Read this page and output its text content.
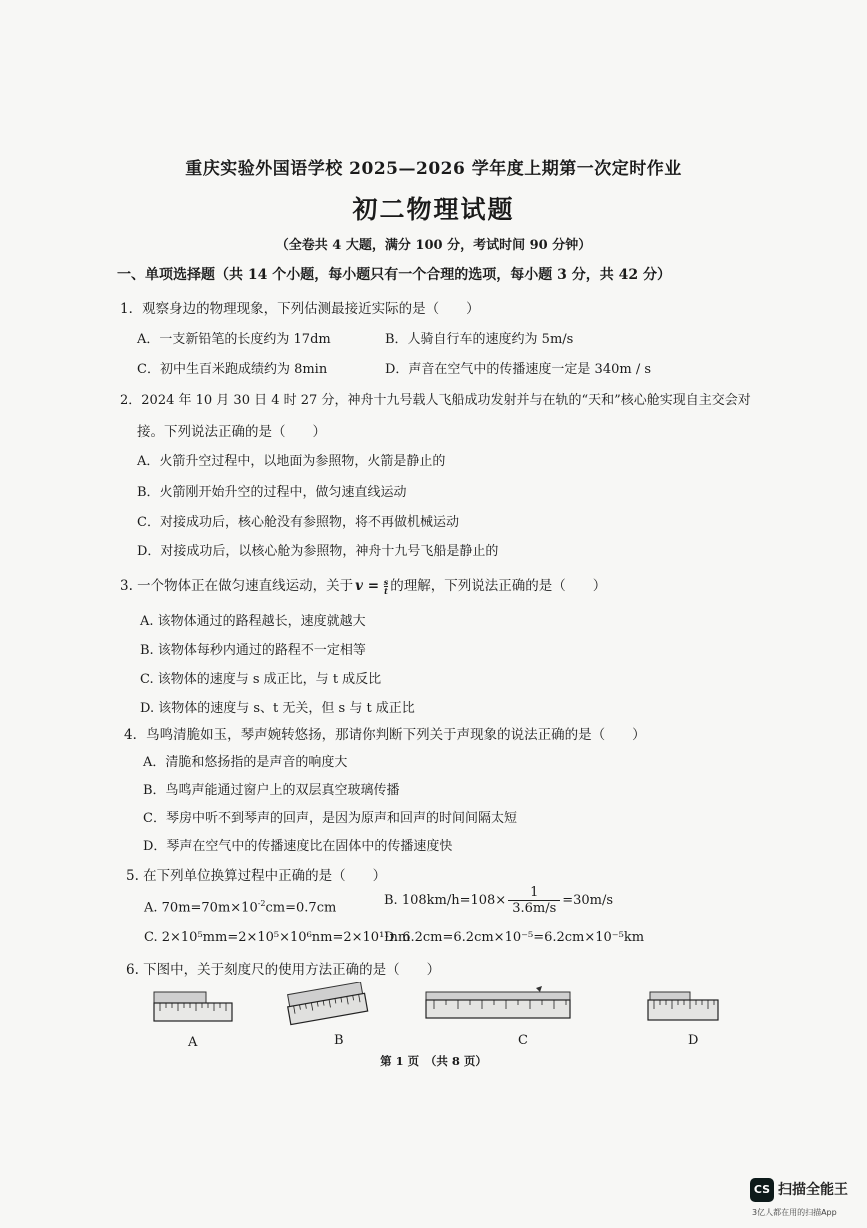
重庆实验外国语学校 2025—2026 学年度上期第一次定时作业
初二物理试题
（全卷共 4 大题，满分 100 分，考试时间 90 分钟）
一、单项选择题（共 14 个小题，每小题只有一个合理的选项，每小题 3 分，共 42 分）
1．观察身边的物理现象，下列估测最接近实际的是（　　）
A．一支新铅笔的长度约为 17dm	B．人骑自行车的速度约为 5m/s
C．初中生百米跑成绩约为 8min	D．声音在空气中的传播速度一定是 340m / s
2．2024 年 10 月 30 日 4 时 27 分，神舟十九号载人飞船成功发射并与在轨的“天和”核心舱实现自主交会对
接。下列说法正确的是（　　）
A．火箭升空过程中，以地面为参照物，火箭是静止的
B．火箭刚开始升空的过程中，做匀速直线运动
C．对接成功后，核心舱没有参照物，将不再做机械运动
D．对接成功后，以核心舱为参照物，神舟十九号飞船是静止的
3. 一个物体正在做匀速直线运动，关于 $v = \frac{s}{t}$ 的理解，下列说法正确的是（　　）
A. 该物体通过的路程越长，速度就越大
B. 该物体每秒内通过的路程不一定相等
C. 该物体的速度与 s 成正比，与 t 成反比
D. 该物体的速度与 s、t 无关，但 s 与 t 成正比
4．鸟鸣清脆如玉，琴声婉转悠扬，那请你判断下列关于声现象的说法正确的是（　　）
A．清脆和悠扬指的是声音的响度大
B．鸟鸣声能通过窗户上的双层真空玻璃传播
C．琴房中听不到琴声的回声，是因为原声和回声的时间间隔太短
D．琴声在空气中的传播速度比在固体中的传播速度快
5. 在下列单位换算过程中正确的是（　　）
A. $70m=70m\times 10^{-2}cm=0.7cm$	B. $108km/h=108\times \frac{1}{3.6m/s} =30m/s$
C. 2×10⁵mm=2×10⁵×10⁶nm=2×10¹¹nm
D. 6.2cm=6.2cm×10⁻⁵=6.2cm×10⁻⁵km
6. 下图中，关于刻度尺的使用方法正确的是（　　）
A	B	C	D
第 1 页　（共 8 页）
CS 扫描全能王
3亿人都在用的扫描App
